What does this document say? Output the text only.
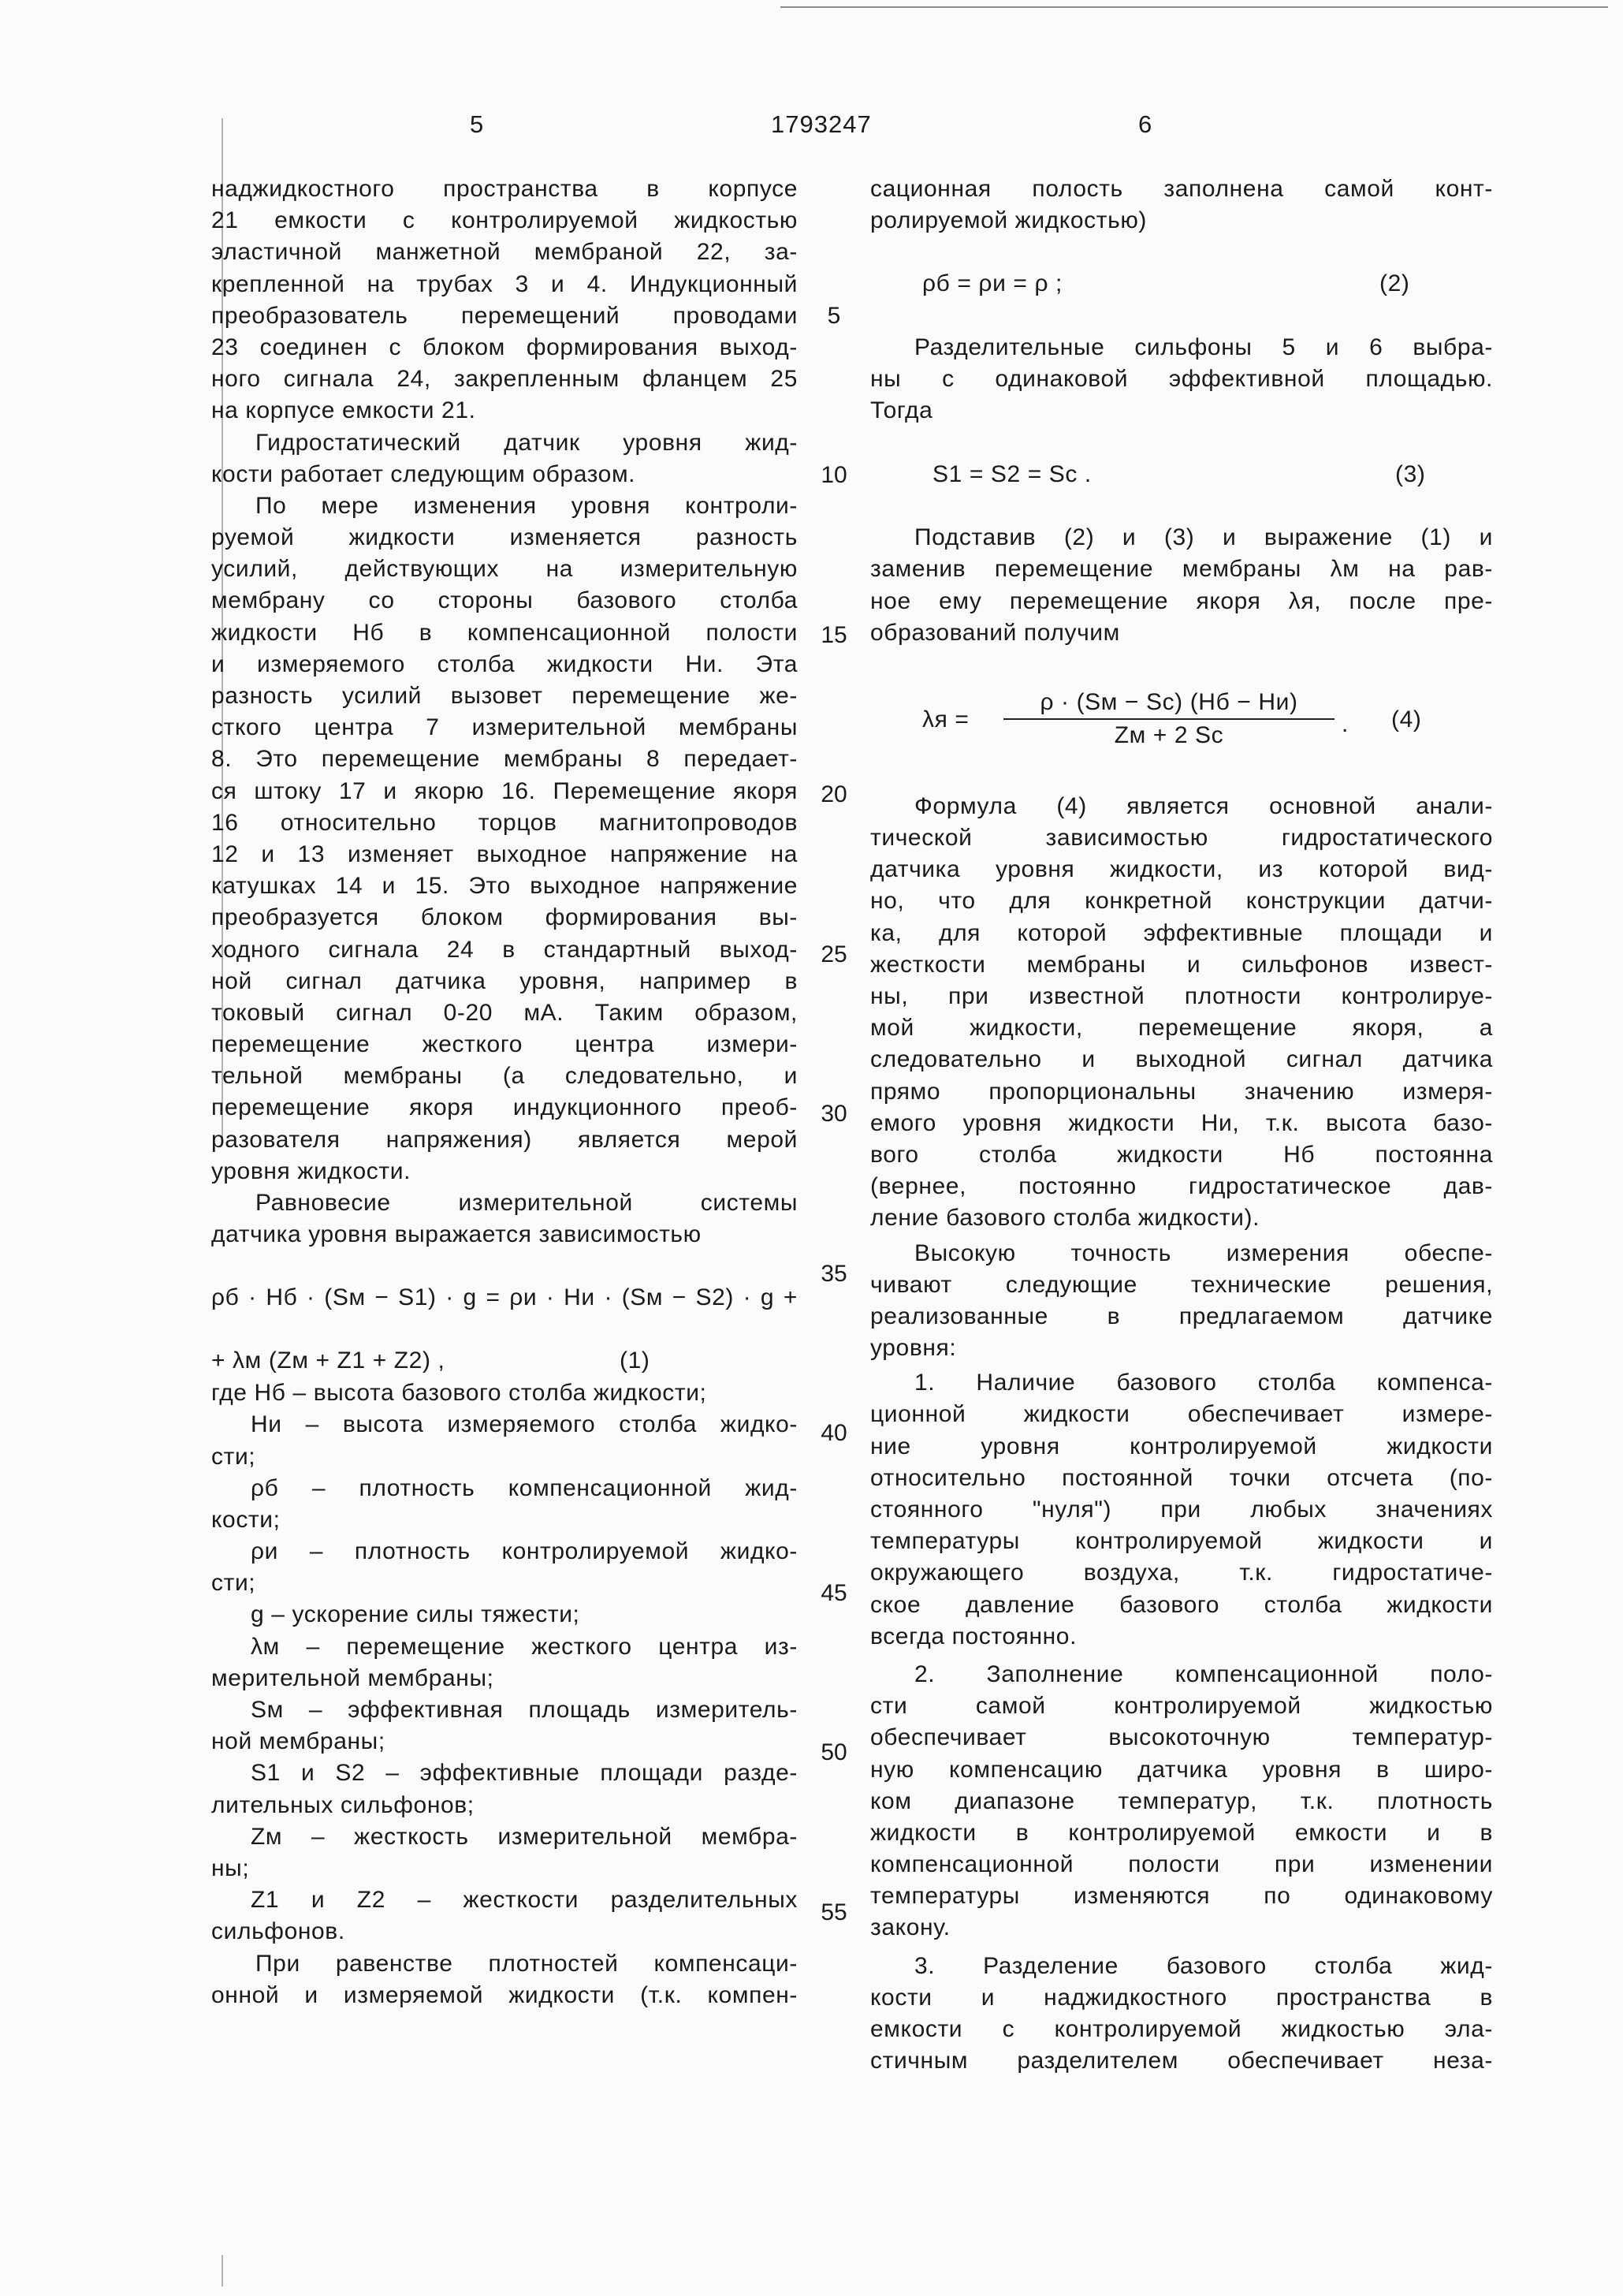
5	1793247	6
5
10
15
20
25
30
35
40
45
50
55
наджидкостного пространства в корпусе
21 емкости с контролируемой жидкостью
эластичной манжетной мембраной 22, за-
крепленной на трубах 3 и 4. Индукционный
преобразователь перемещений проводами
23 соединен с блоком формирования выход-
ного сигнала 24, закрепленным фланцем 25
на корпусе емкости 21.
Гидростатический датчик уровня жид-
кости работает следующим образом.
По мере изменения уровня контроли-
руемой жидкости изменяется разность
усилий, действующих на измерительную
мембрану со стороны базового столба
жидкости Нб в компенсационной полости
и измеряемого столба жидкости Ни. Эта
разность усилий вызовет перемещение же-
сткого центра 7 измерительной мембраны
8. Это перемещение мембраны 8 передает-
ся штоку 17 и якорю 16. Перемещение якоря
16 относительно торцов магнитопроводов
12 и 13 изменяет выходное напряжение на
катушках 14 и 15. Это выходное напряжение
преобразуется блоком формирования вы-
ходного сигнала 24 в стандартный выход-
ной сигнал датчика уровня, например в
токовый сигнал 0-20 мА. Таким образом,
перемещение жесткого центра измери-
тельной мембраны (а следовательно, и
перемещение якоря индукционного преоб-
разователя напряжения) является мерой
уровня жидкости.
Равновесие измерительной системы
датчика уровня выражается зависимостью
ρб · Нб · (Sм − S1) · g = ρи · Ни · (Sм − S2) · g +
+ λм (Zм + Z1 + Z2) ,	(1)
где Нб – высота базового столба жидкости;
Ни – высота измеряемого столба жидко-
сти;
ρб – плотность компенсационной жид-
кости;
ρи – плотность контролируемой жидко-
сти;
g – ускорение силы тяжести;
λм – перемещение жесткого центра из-
мерительной мембраны;
Sм – эффективная площадь измеритель-
ной мембраны;
S1 и S2 – эффективные площади разде-
лительных сильфонов;
Zм – жесткость измерительной мембра-
ны;
Z1 и Z2 – жесткости разделительных
сильфонов.
При равенстве плотностей компенсаци-
онной и измеряемой жидкости (т.к. компен-
сационная полость заполнена самой конт-
ролируемой жидкостью)
ρб = ρи = ρ ;	(2)
Разделительные сильфоны 5 и 6 выбра-
ны с одинаковой эффективной площадью.
Тогда
S1 = S2 = Sc .	(3)
Подставив (2) и (3) и выражение (1) и
заменив перемещение мембраны λм на рав-
ное ему перемещение якоря λя, после пре-
образований получим
λя =
ρ · (Sм − Sc) (Нб − Ни)
Zм + 2 Sc	. (4)
Формула (4) является основной анали-
тической зависимостью гидростатического
датчика уровня жидкости, из которой вид-
но, что для конкретной конструкции датчи-
ка, для которой эффективные площади и
жесткости мембраны и сильфонов извест-
ны, при известной плотности контролируе-
мой жидкости, перемещение якоря, а
следовательно и выходной сигнал датчика
прямо пропорциональны значению измеря-
емого уровня жидкости Ни, т.к. высота базо-
вого столба жидкости Нб постоянна
(вернее, постоянно гидростатическое дав-
ление базового столба жидкости).
Высокую точность измерения обеспе-
чивают следующие технические решения,
реализованные в предлагаемом датчике
уровня:
1. Наличие базового столба компенса-
ционной жидкости обеспечивает измере-
ние уровня контролируемой жидкости
относительно постоянной точки отсчета (по-
стоянного "нуля") при любых значениях
температуры контролируемой жидкости и
окружающего воздуха, т.к. гидростатиче-
ское давление базового столба жидкости
всегда постоянно.
2. Заполнение компенсационной поло-
сти самой контролируемой жидкостью
обеспечивает высокоточную температур-
ную компенсацию датчика уровня в широ-
ком диапазоне температур, т.к. плотность
жидкости в контролируемой емкости и в
компенсационной полости при изменении
температуры изменяются по одинаковому
закону.
3. Разделение базового столба жид-
кости и наджидкостного пространства в
емкости с контролируемой жидкостью эла-
стичным разделителем обеспечивает неза-
